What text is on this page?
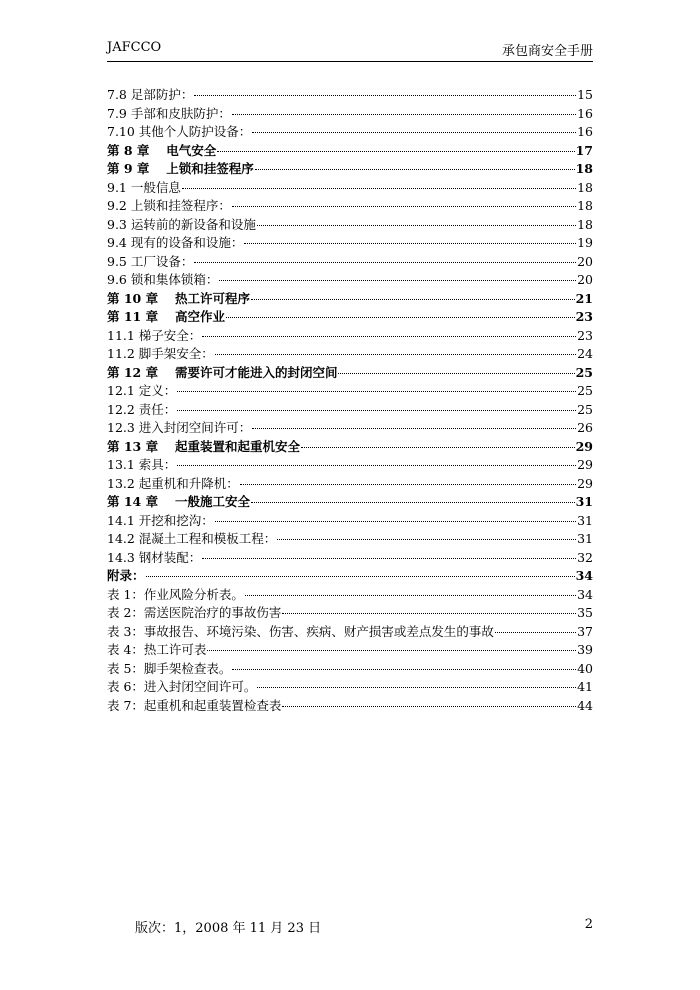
JAFCCO	承包商安全手册
7.8 足部防护：	15
7.9 手部和皮肤防护：	16
7.10 其他个人防护设备：	16
第 8 章　 电气安全	17
第 9 章　 上锁和挂签程序	18
9.1 一般信息	18
9.2 上锁和挂签程序：	18
9.3 运转前的新设备和设施	18
9.4 现有的设备和设施：	19
9.5 工厂设备：	20
9.6 锁和集体锁箱：	20
第 10 章　 热工许可程序	21
第 11 章　 高空作业	23
11.1 梯子安全：	23
11.2 脚手架安全：	24
第 12 章　 需要许可才能进入的封闭空间	25
12.1 定义：	25
12.2 责任：	25
12.3 进入封闭空间许可：	26
第 13 章　 起重装置和起重机安全	29
13.1 索具：	29
13.2 起重机和升降机：	29
第 14 章　 一般施工安全	31
14.1 开挖和挖沟：	31
14.2 混凝土工程和模板工程：	31
14.3 钢材装配：	32
附录：	34
表 1：作业风险分析表。	34
表 2：需送医院治疗的事故伤害	35
表 3：事故报告、环境污染、伤害、疾病、财产损害或差点发生的事故	37
表 4：热工许可表	39
表 5：脚手架检查表。	40
表 6：进入封闭空间许可。	41
表 7：起重机和起重装置检查表	44
版次：1，2008 年 11 月 23 日	2
